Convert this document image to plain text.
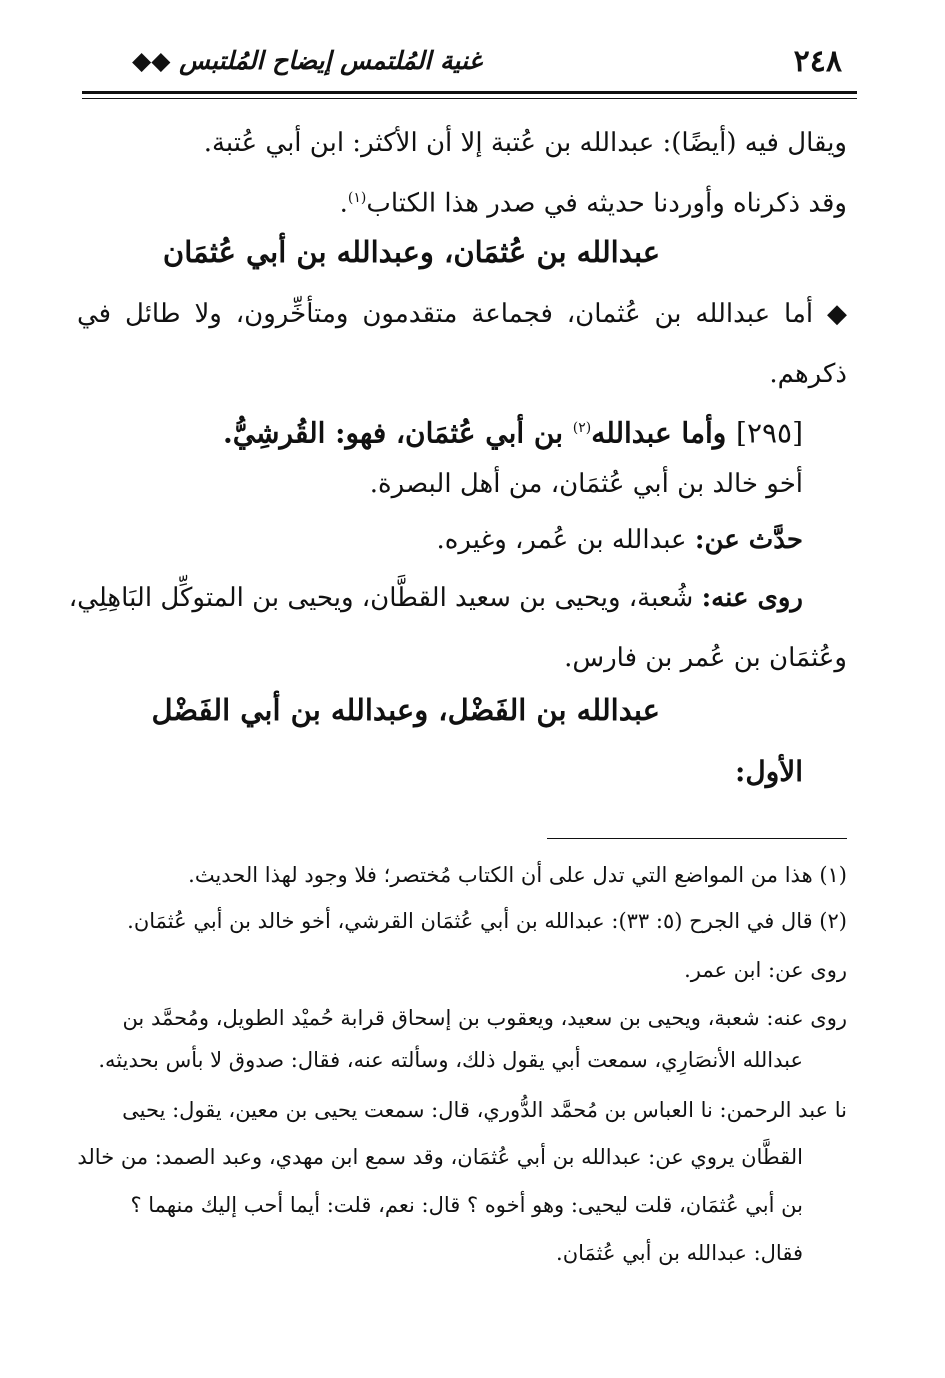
٢٤٨
غنية المُلتمس إيضاح المُلتبس ◆◆
ويقال فيه (أيضًا): عبدالله بن عُتبة إلا أن الأكثر: ابن أبي عُتبة.
وقد ذكرناه وأوردنا حديثه في صدر هذا الكتاب$^{(١)}$.
عبدالله بن عُثمَان، وعبدالله بن أبي عُثمَان
◆ أما عبدالله بن عُثمان، فجماعة متقدمون ومتأخِّرون، ولا طائل في
ذكرهم.
[٢٩٥] وأما عبدالله$^{(٢)}$ بن أبي عُثمَان، فهو: القُرشِيُّ.
أخو خالد بن أبي عُثمَان، من أهل البصرة.
حدَّث عن: عبدالله بن عُمر، وغيره.
روى عنه: شُعبة، ويحيى بن سعيد القطَّان، ويحيى بن المتوكِّل البَاهِلِي،
وعُثمَان بن عُمر بن فارس.
عبدالله بن الفَضْل، وعبدالله بن أبي الفَضْل
الأول:
(١) هذا من المواضع التي تدل على أن الكتاب مُختصر؛ فلا وجود لهذا الحديث.
(٢) قال في الجرح (٥: ٣٣): عبدالله بن أبي عُثمَان القرشي، أخو خالد بن أبي عُثمَان.
روى عن: ابن عمر.
روى عنه: شعبة، ويحيى بن سعيد، ويعقوب بن إسحاق قرابة حُميْد الطويل، ومُحمَّد بن
عبدالله الأنصَارِي، سمعت أبي يقول ذلك، وسألته عنه، فقال: صدوق لا بأس بحديثه.
نا عبد الرحمن: نا العباس بن مُحمَّد الدُّوري، قال: سمعت يحيى بن معين، يقول: يحيى
القطَّان يروي عن: عبدالله بن أبي عُثمَان، وقد سمع ابن مهدي، وعبد الصمد: من خالد
بن أبي عُثمَان، قلت ليحيى: وهو أخوه ؟ قال: نعم، قلت: أيما أحب إليك منهما ؟
فقال: عبدالله بن أبي عُثمَان.
